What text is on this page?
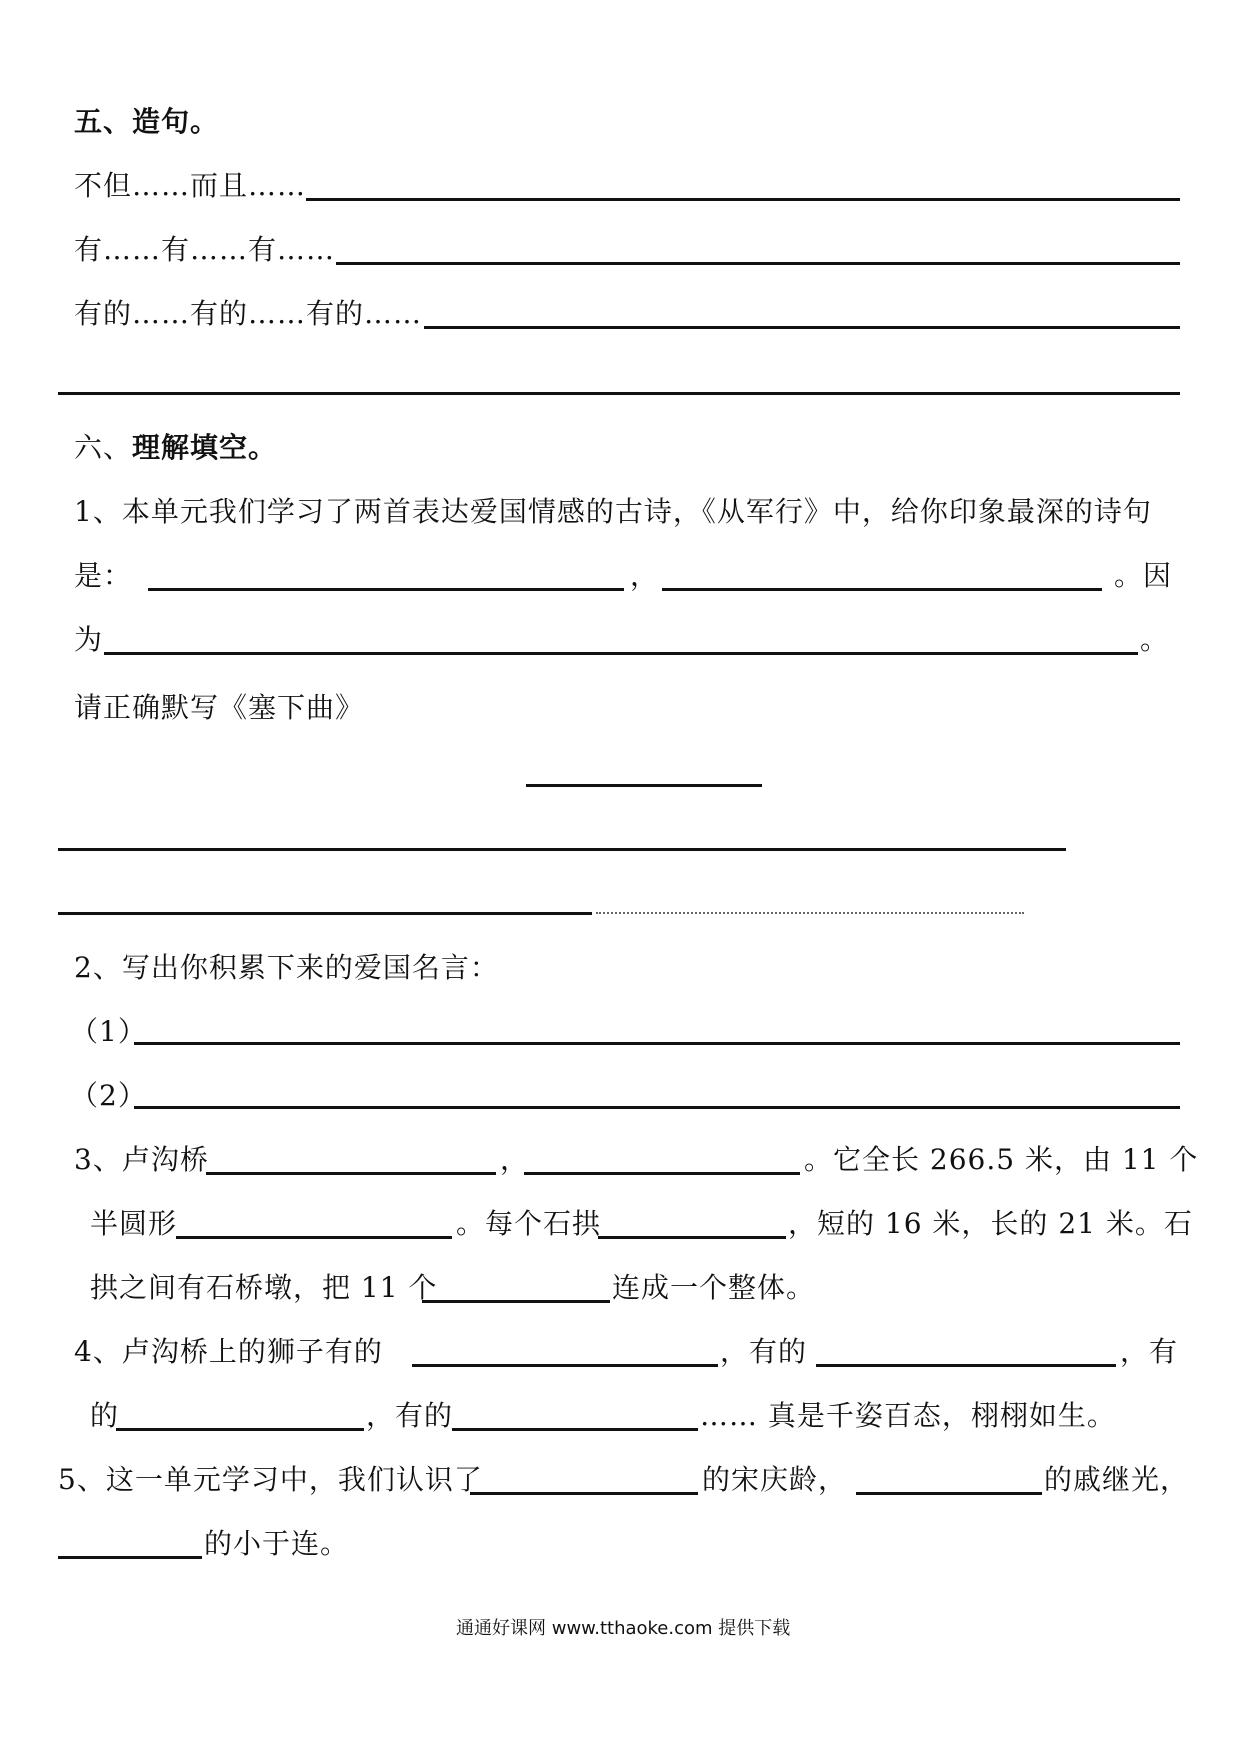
五、造句。
不但……而且……
有……有……有……
有的……有的……有的……
六、理解填空。
1、本单元我们学习了两首表达爱国情感的古诗，《从军行》中，给你印象最深的诗句
是：	，	。因
为	。
请正确默写《塞下曲》
2、写出你积累下来的爱国名言：
（1）
（2）
3、卢沟桥	，	。它全长 266.5 米，由 11 个
半圆形	。每个石拱	，短的 16 米，长的 21 米。石
拱之间有石桥墩，把 11 个	连成一个整体。
4、卢沟桥上的狮子有的	，有的	，有
的	，有的	…… 真是千姿百态，栩栩如生。
5、这一单元学习中，我们认识了	的宋庆龄，	的戚继光，
的小于连。
通通好课网 www.tthaoke.com 提供下载
